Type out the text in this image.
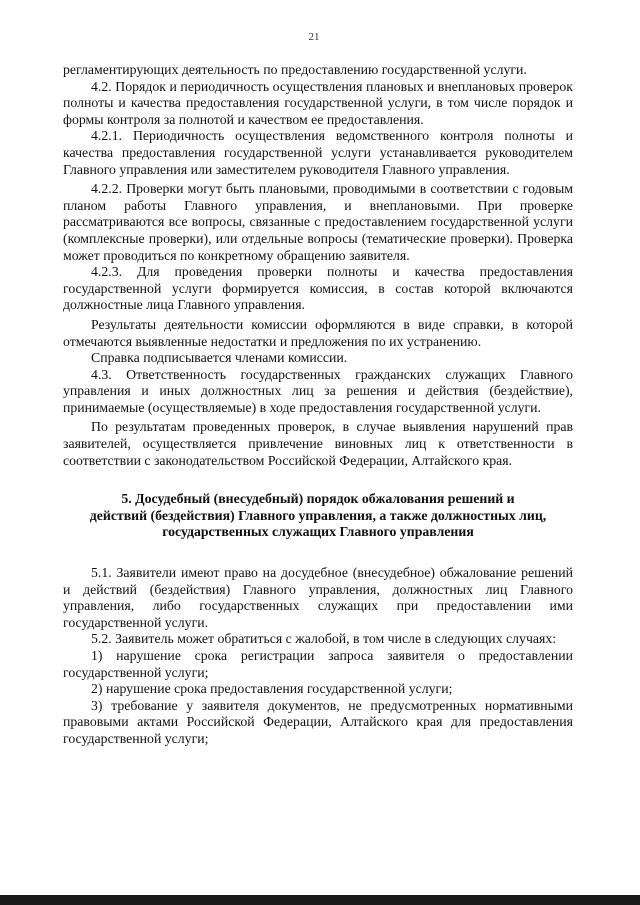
21

регламентирующих деятельность по предоставлению государственной услуги.

4.2. Порядок и периодичность осуществления плановых и внеплановых проверок полноты и качества предоставления государственной услуги, в том числе порядок и формы контроля за полнотой и качеством ее предоставления.

4.2.1. Периодичность осуществления ведомственного контроля полноты и качества предоставления государственной услуги устанавливается руководителем Главного управления или заместителем руководителя Главного управления.

4.2.2. Проверки могут быть плановыми, проводимыми в соответствии с годовым планом работы Главного управления, и внеплановыми. При проверке рассматриваются все вопросы, связанные с предоставлением государственной услуги (комплексные проверки), или отдельные вопросы (тематические проверки). Проверка может проводиться по конкретному обращению заявителя.

4.2.3. Для проведения проверки полноты и качества предоставления государственной услуги формируется комиссия, в состав которой включаются должностные лица Главного управления.

Результаты деятельности комиссии оформляются в виде справки, в которой отмечаются выявленные недостатки и предложения по их устранению.

Справка подписывается членами комиссии.

4.3. Ответственность государственных гражданских служащих Главного управления и иных должностных лиц за решения и действия (бездействие), принимаемые (осуществляемые) в ходе предоставления государственной услуги.

По результатам проведенных проверок, в случае выявления нарушений прав заявителей, осуществляется привлечение виновных лиц к ответственности в соответствии с законодательством Российской Федерации, Алтайского края.

5. Досудебный (внесудебный) порядок обжалования решений и
действий (бездействия) Главного управления, а также должностных лиц,
государственных служащих Главного управления

5.1. Заявители имеют право на досудебное (внесудебное) обжалование решений и действий (бездействия) Главного управления, должностных лиц Главного управления, либо государственных служащих при предоставлении ими государственной услуги.

5.2. Заявитель может обратиться с жалобой, в том числе в следующих случаях:

1) нарушение срока регистрации запроса заявителя о предоставлении государственной услуги;

2) нарушение срока предоставления государственной услуги;

3) требование у заявителя документов, не предусмотренных нормативными правовыми актами Российской Федерации, Алтайского края для предоставления государственной услуги;
